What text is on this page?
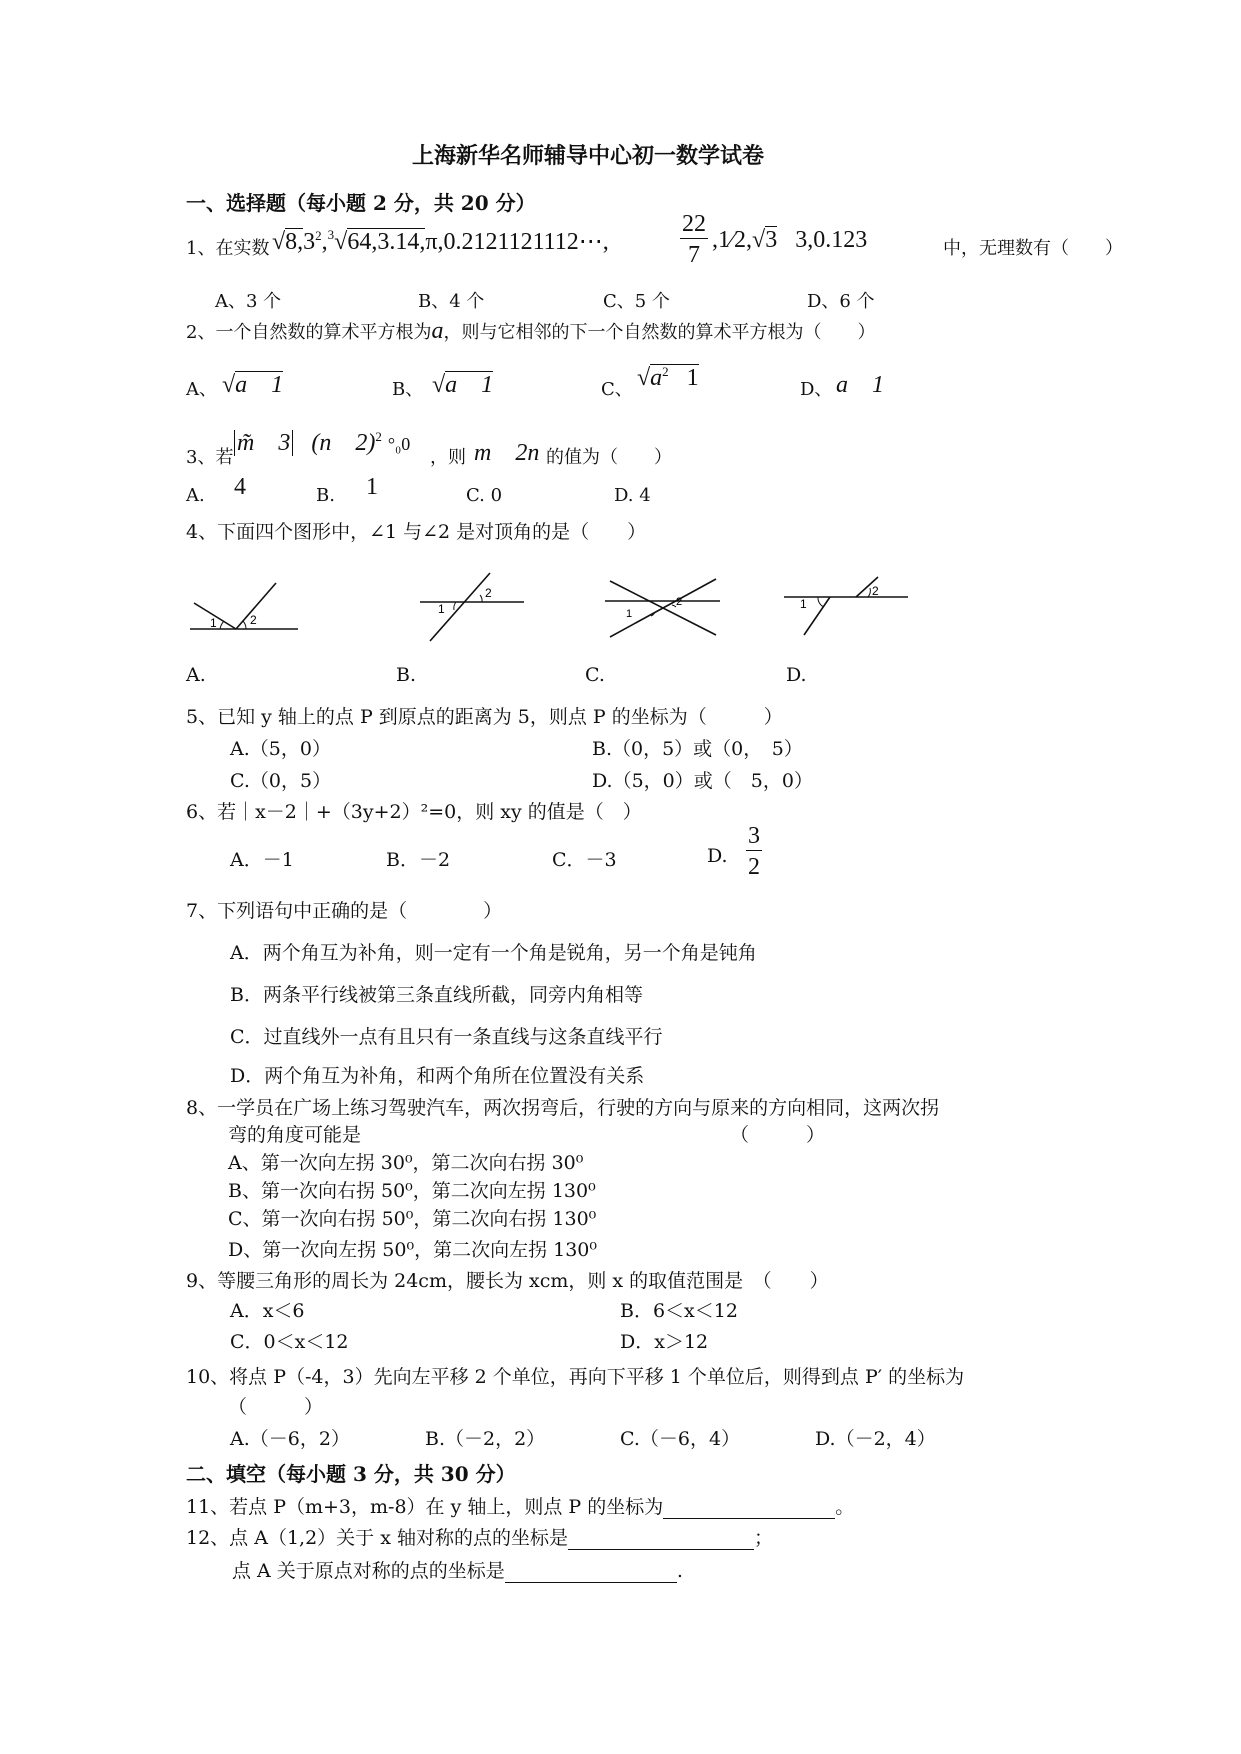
上海新华名师辅导中心初一数学试卷
一、选择题（每小题 2 分，共 20 分）
1、在实数 $√8,3^2,^3√64,3.14,\pi,0.2121121112\cdots$,	$\frac{22}{7}$ ,1⁄2,√3 3,0.123	中，无理数有（　　）
A、3 个	B、4 个	C、5 个	D、6 个
2、一个自然数的算术平方根为a，则与它相邻的下一个自然数的算术平方根为（　　）
A、 √a　1	B、 √a　1	C、 $√a^2$ 1	D、 a　1
3、若
m̃　3 (n　2)$^2$ °₀0
，则 m　2n 的值为（　　）
A. 4	B. 1	C. 0	D. 4
4、下面四个图形中，∠1 与∠2 是对顶角的是（　　）
1	2
1
2
1
2	1
2
A.	B.	C.	D.
5、已知 y 轴上的点 P 到原点的距离为 5，则点 P 的坐标为（　　　）
A.（5，0）	B.（0，5）或（0，　5）
C.（0，5）	D.（5，0）或（　5，0）
6、若｜x－2｜+（3y+2）²=0，则 xy 的值是（　）
A．－1	B．－2	C．－3	D. $\frac{3}{2}$
7、下列语句中正确的是（　　　　）
A．两个角互为补角，则一定有一个角是锐角，另一个角是钝角
B．两条平行线被第三条直线所截，同旁内角相等
C．过直线外一点有且只有一条直线与这条直线平行
D．两个角互为补角，和两个角所在位置没有关系
8、一学员在广场上练习驾驶汽车，两次拐弯后，行驶的方向与原来的方向相同，这两次拐
弯的角度可能是	（　　　）
A、第一次向左拐 30⁰，第二次向右拐 30⁰
B、第一次向右拐 50⁰，第二次向左拐 130⁰
C、第一次向右拐 50⁰，第二次向右拐 130⁰
D、第一次向左拐 50⁰，第二次向左拐 130⁰
9、等腰三角形的周长为 24cm，腰长为 xcm，则 x 的取值范围是　（　　）
A．x＜6	B．6＜x＜12
C．0＜x＜12	D．x＞12
10、将点 P（-4，3）先向左平移 2 个单位，再向下平移 1 个单位后，则得到点 P′ 的坐标为
（　　　）
A.（－6，2）	B.（－2，2）	C.（－6，4）	D.（－2，4）
二、填空（每小题 3 分，共 30 分）
11、若点 P（m+3，m-8）在 y 轴上，则点 P 的坐标为	。
12、点 A（1,2）关于 x 轴对称的点的坐标是	；
点 A 关于原点对称的点的坐标是	.
